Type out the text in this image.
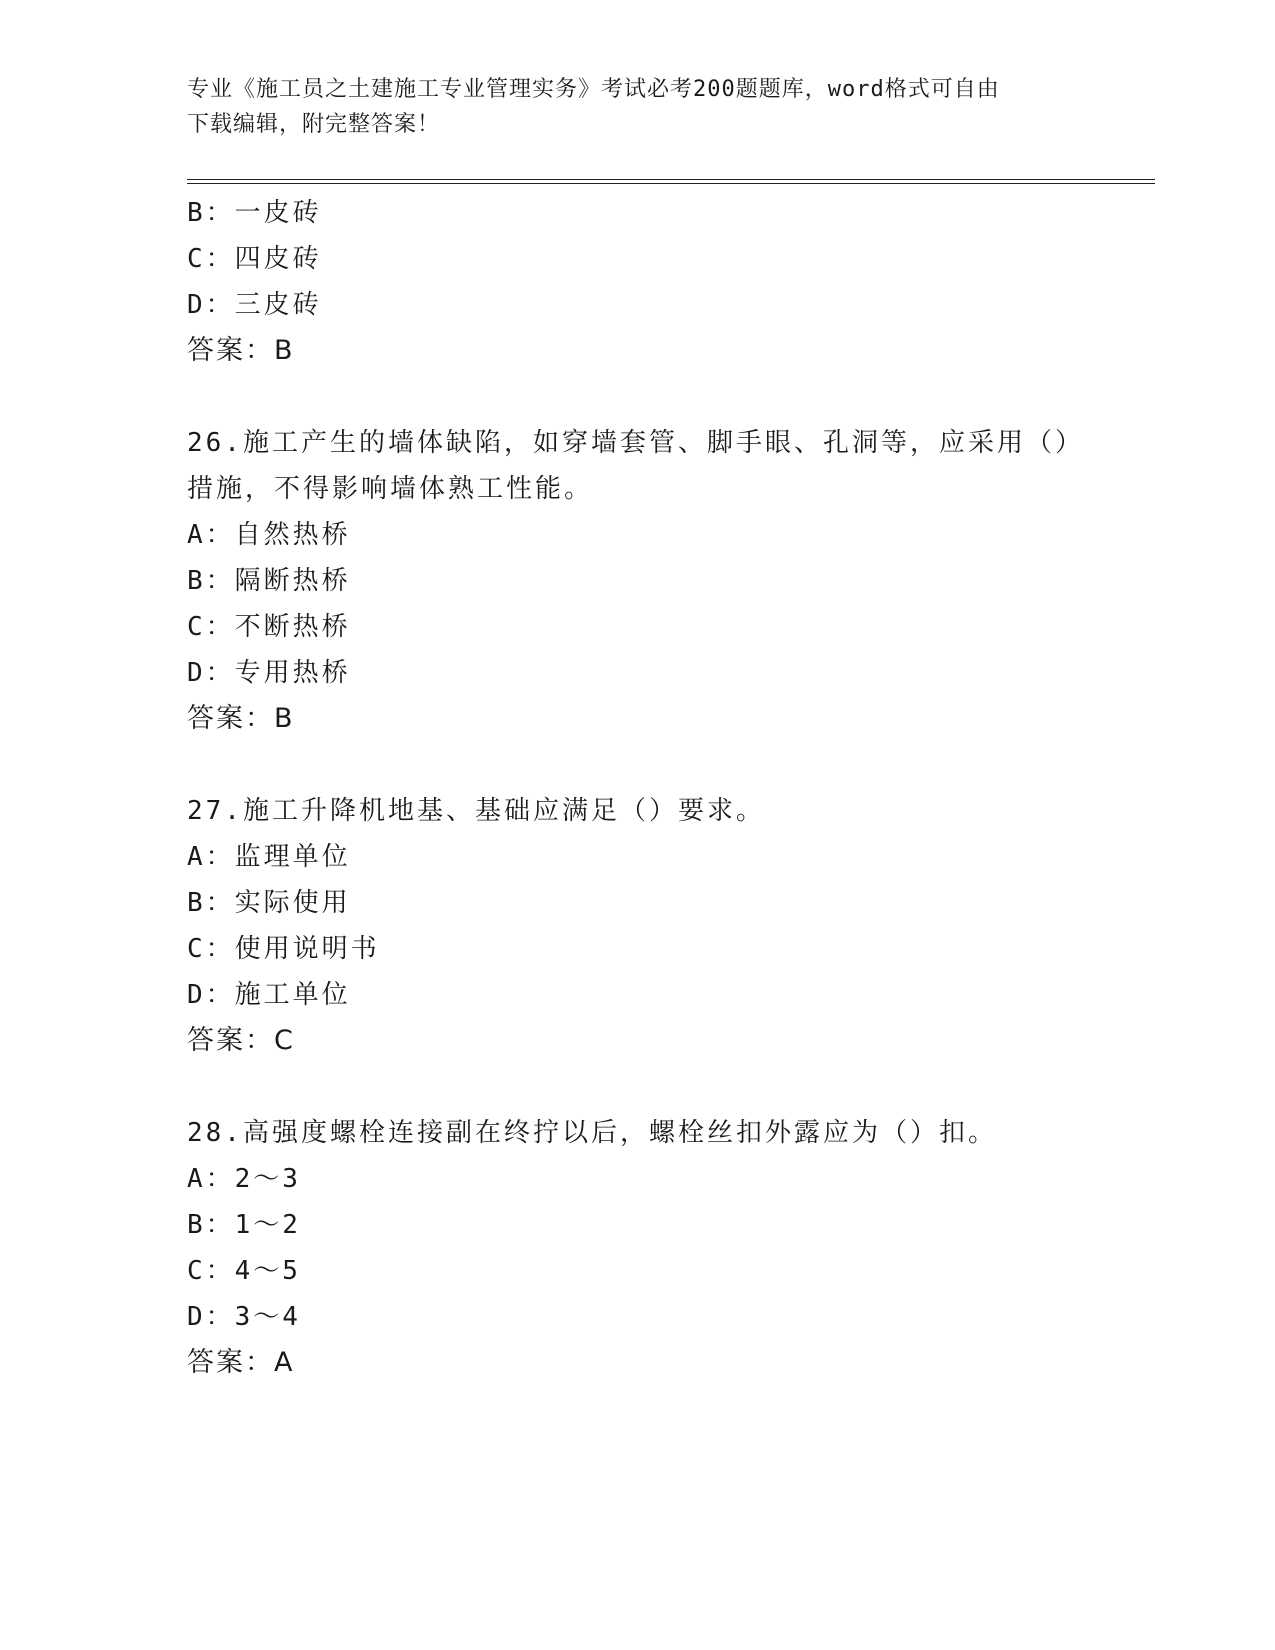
专业《施工员之土建施工专业管理实务》考试必考200题题库，word格式可自由
下载编辑，附完整答案！
B：一皮砖
C：四皮砖
D：三皮砖
答案：B
26.施工产生的墙体缺陷，如穿墙套管、脚手眼、孔洞等，应采用（）
措施，不得影响墙体熟工性能。
A：自然热桥
B：隔断热桥
C：不断热桥
D：专用热桥
答案：B
27.施工升降机地基、基础应满足（）要求。
A：监理单位
B：实际使用
C：使用说明书
D：施工单位
答案：C
28.高强度螺栓连接副在终拧以后，螺栓丝扣外露应为（）扣。
A：2～3
B：1～2
C：4～5
D：3～4
答案：A
